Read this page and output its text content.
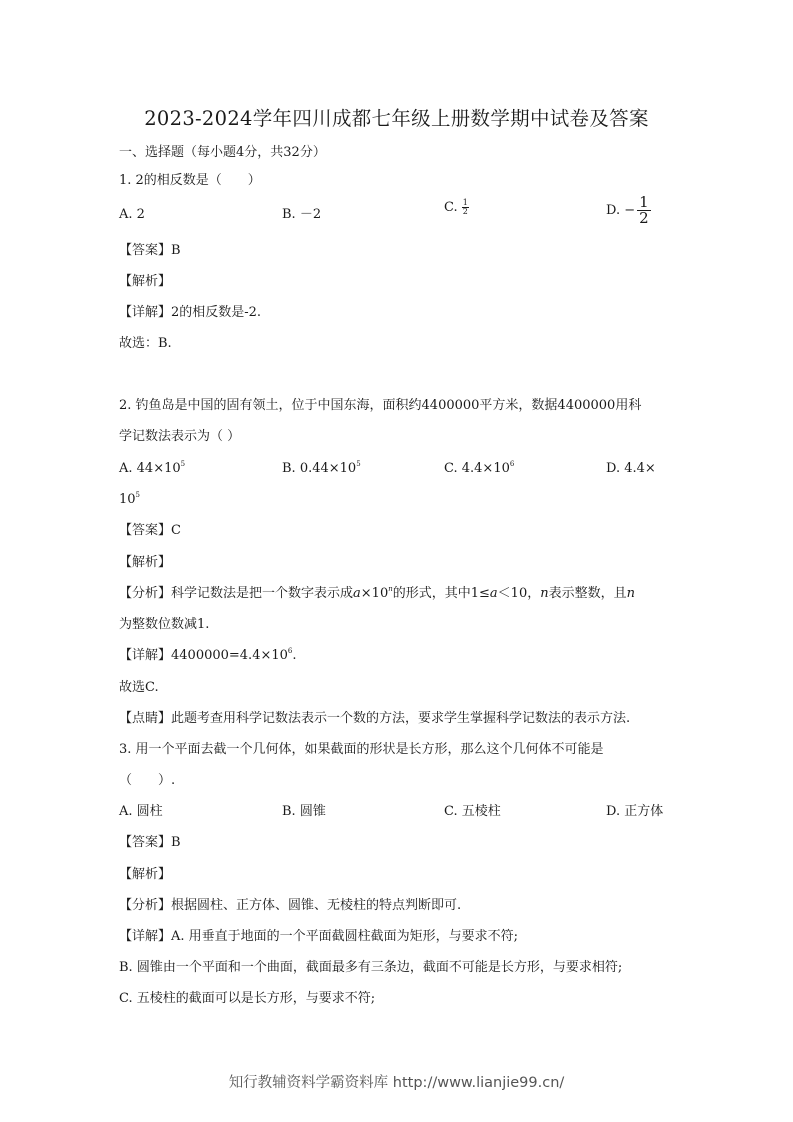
2023-2024学年四川成都七年级上册数学期中试卷及答案
一、选择题（每小题4分，共32分）
1. 2的相反数是（　　）
A. 2	B. －2	C. $\frac{1}{2}$	D. − $\frac{1}{2}$
【答案】B
【解析】
【详解】2的相反数是-2.
故选：B.
2. 钓鱼岛是中国的固有领土，位于中国东海，面积约4400000平方米，数据4400000用科
学记数法表示为（ ）
A. $44\times 10^5$	B. $0.44\times 10^5$	C. $4.4\times 10^6$	D. 4.4×
$10^5$
【答案】C
【解析】
【分析】科学记数法是把一个数字表示成$a\times 10^n$的形式，其中1≤a＜10，n表示整数，且n
为整数位数减1.
【详解】$4400000=4.4\times 10^6$.
故选C.
【点睛】此题考查用科学记数法表示一个数的方法，要求学生掌握科学记数法的表示方法.
3. 用一个平面去截一个几何体，如果截面的形状是长方形，那么这个几何体不可能是
（　　）.
A. 圆柱	B. 圆锥	C. 五棱柱	D. 正方体
【答案】B
【解析】
【分析】根据圆柱、正方体、圆锥、无棱柱的特点判断即可.
【详解】A. 用垂直于地面的一个平面截圆柱截面为矩形，与要求不符;
B. 圆锥由一个平面和一个曲面，截面最多有三条边，截面不可能是长方形，与要求相符;
C. 五棱柱的截面可以是长方形，与要求不符;
知行教辅资料学霸资料库 http://www.lianjie99.cn/
